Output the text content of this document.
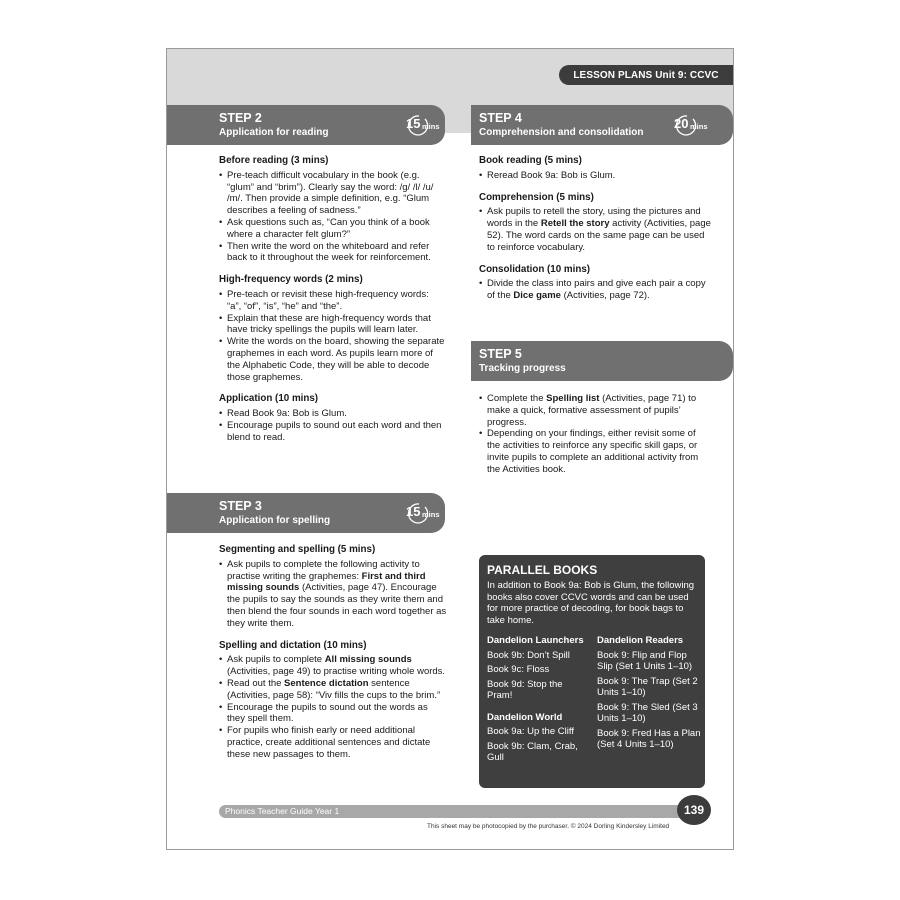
LESSON PLANS Unit 9: CCVC
STEP 2
Application for reading
15 mins
Before reading (3 mins)
• Pre-teach difficult vocabulary in the book (e.g. “glum” and “brim”). Clearly say the word: /g/ /l/ /u/ /m/. Then provide a simple definition, e.g. “Glum describes a feeling of sadness.”
• Ask questions such as, “Can you think of a book where a character felt glum?”
• Then write the word on the whiteboard and refer back to it throughout the week for reinforcement.
High-frequency words (2 mins)
• Pre-teach or revisit these high-frequency words: “a”, “of”, “is”, “he” and “the”.
• Explain that these are high-frequency words that have tricky spellings the pupils will learn later.
• Write the words on the board, showing the separate graphemes in each word. As pupils learn more of the Alphabetic Code, they will be able to decode those graphemes.
Application (10 mins)
• Read Book 9a: Bob is Glum.
• Encourage pupils to sound out each word and then blend to read.
STEP 3
Application for spelling
15 mins
Segmenting and spelling (5 mins)
• Ask pupils to complete the following activity to practise writing the graphemes: First and third missing sounds (Activities, page 47). Encourage the pupils to say the sounds as they write them and then blend the four sounds in each word together as they write them.
Spelling and dictation (10 mins)
• Ask pupils to complete All missing sounds (Activities, page 49) to practise writing whole words.
• Read out the Sentence dictation sentence (Activities, page 58): “Viv fills the cups to the brim.”
• Encourage the pupils to sound out the words as they spell them.
• For pupils who finish early or need additional practice, create additional sentences and dictate these new passages to them.
STEP 4
Comprehension and consolidation
20 mins
Book reading (5 mins)
• Reread Book 9a: Bob is Glum.
Comprehension (5 mins)
• Ask pupils to retell the story, using the pictures and words in the Retell the story activity (Activities, page 52). The word cards on the same page can be used to reinforce vocabulary.
Consolidation (10 mins)
• Divide the class into pairs and give each pair a copy of the Dice game (Activities, page 72).
STEP 5
Tracking progress
• Complete the Spelling list (Activities, page 71) to make a quick, formative assessment of pupils’ progress.
• Depending on your findings, either revisit some of the activities to reinforce any specific skill gaps, or invite pupils to complete an additional activity from the Activities book.
PARALLEL BOOKS
In addition to Book 9a: Bob is Glum, the following books also cover CCVC words and can be used for more practice of decoding, for book bags to take home.
Dandelion Launchers
Book 9b: Don’t Spill
Book 9c: Floss
Book 9d: Stop the Pram!
Dandelion World
Book 9a: Up the Cliff
Book 9b: Clam, Crab, Gull
Dandelion Readers
Book 9: Flip and Flop Slip (Set 1 Units 1–10)
Book 9: The Trap (Set 2 Units 1–10)
Book 9: The Sled (Set 3 Units 1–10)
Book 9: Fred Has a Plan (Set 4 Units 1–10)
Phonics Teacher Guide Year 1	139
This sheet may be photocopied by the purchaser. © 2024 Dorling Kindersley Limited
